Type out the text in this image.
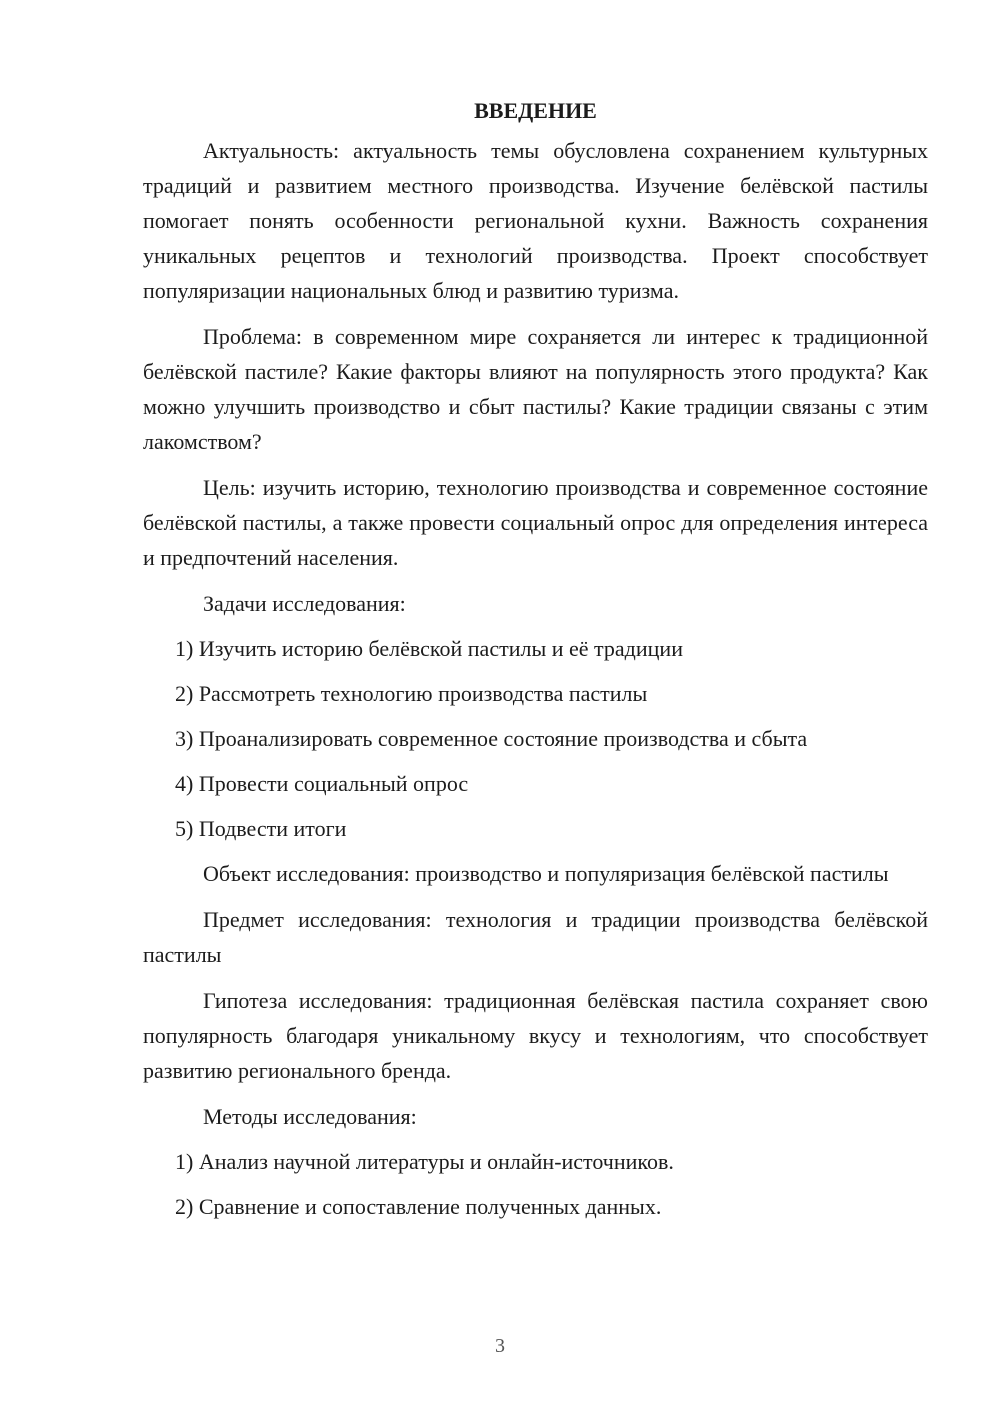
ВВЕДЕНИЕ

Актуальность: актуальность темы обусловлена сохранением культурных традиций и развитием местного производства. Изучение белёвской пастилы помогает понять особенности региональной кухни. Важность сохранения уникальных рецептов и технологий производства. Проект способствует популяризации национальных блюд и развитию туризма.

Проблема: в современном мире сохраняется ли интерес к традиционной белёвской пастиле? Какие факторы влияют на популярность этого продукта? Как можно улучшить производство и сбыт пастилы? Какие традиции связаны с этим лакомством?

Цель: изучить историю, технологию производства и современное состояние белёвской пастилы, а также провести социальный опрос для определения интереса и предпочтений населения.

Задачи исследования:
1) Изучить историю белёвской пастилы и её традиции
2) Рассмотреть технологию производства пастилы
3) Проанализировать современное состояние производства и сбыта
4) Провести социальный опрос
5) Подвести итоги

Объект исследования: производство и популяризация белёвской пастилы

Предмет исследования: технология и традиции производства белёвской пастилы

Гипотеза исследования: традиционная белёвская пастила сохраняет свою популярность благодаря уникальному вкусу и технологиям, что способствует развитию регионального бренда.

Методы исследования:
1) Анализ научной литературы и онлайн-источников.
2) Сравнение и сопоставление полученных данных.
3
